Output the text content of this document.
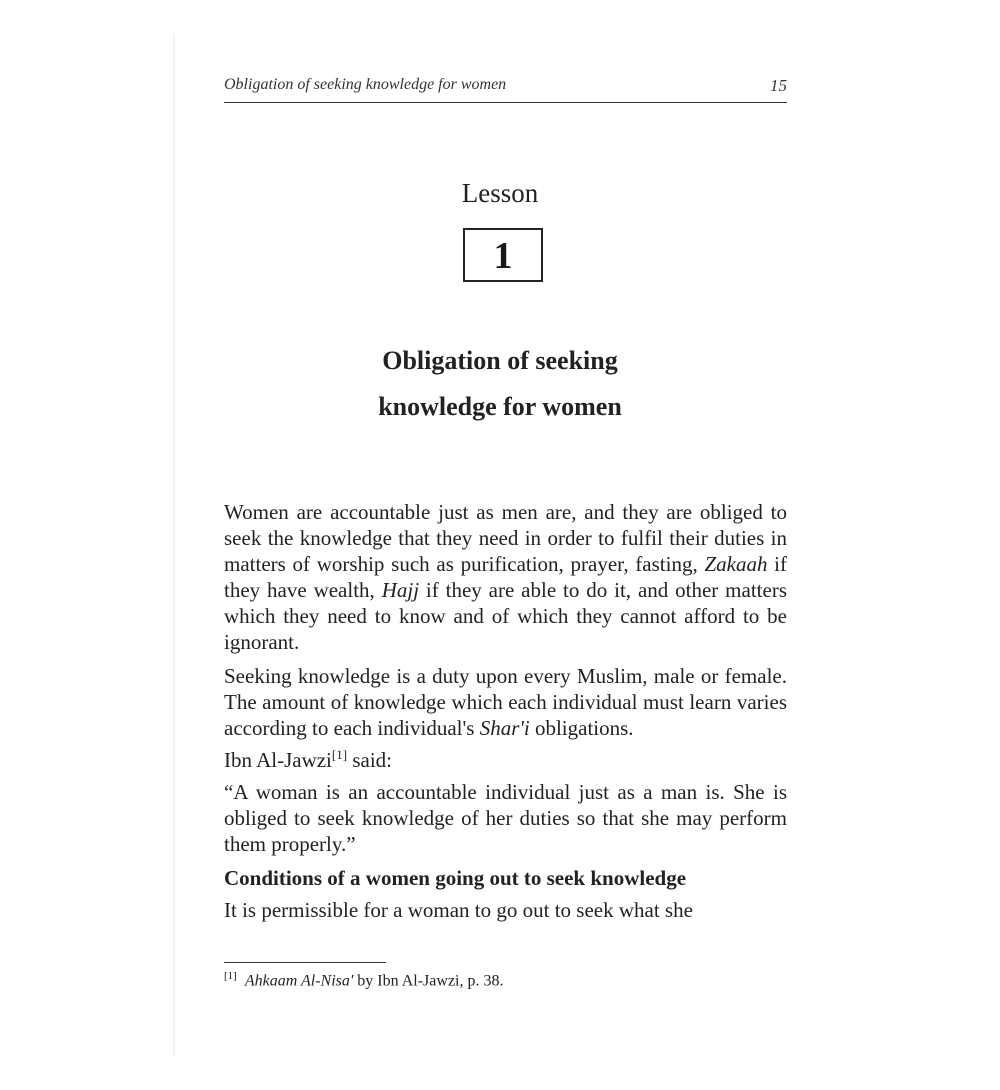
Obligation of seeking knowledge for women	15
Lesson
1
Obligation of seeking
knowledge for women

Women are accountable just as men are, and they are obliged to seek the knowledge that they need in order to fulfil their duties in matters of worship such as purification, prayer, fasting, Zakaah if they have wealth, Hajj if they are able to do it, and other matters which they need to know and of which they cannot afford to be ignorant.

Seeking knowledge is a duty upon every Muslim, male or female. The amount of knowledge which each individual must learn varies according to each individual's Shar'i obligations.

Ibn Al-Jawzi[1] said:

“A woman is an accountable individual just as a man is. She is obliged to seek knowledge of her duties so that she may perform them properly.”

Conditions of a women going out to seek knowledge

It is permissible for a woman to go out to seek what she

[1] Ahkaam Al-Nisa' by Ibn Al-Jawzi, p. 38.
